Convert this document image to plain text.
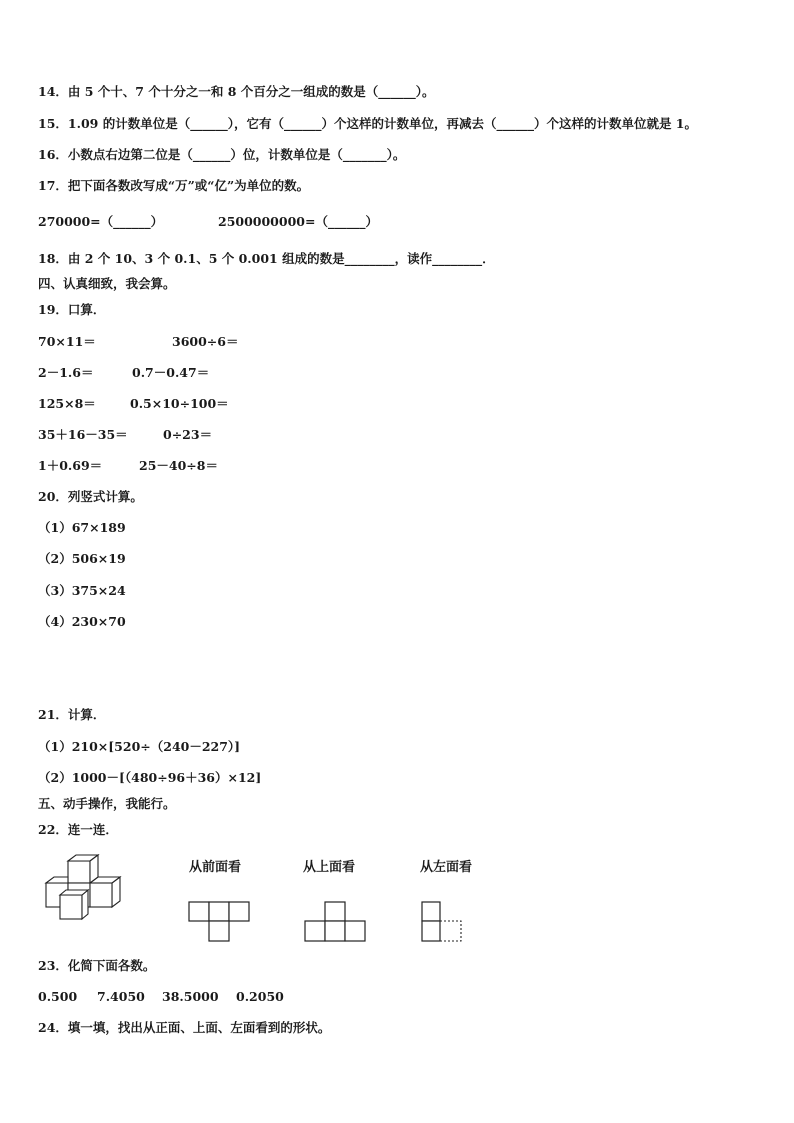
14．由 5 个十、7 个十分之一和 8 个百分之一组成的数是（______）。
15．1.09 的计数单位是（______），它有（______）个这样的计数单位，再减去（______）个这样的计数单位就是 1。
16．小数点右边第二位是（______）位，计数单位是（_______）。
17．把下面各数改写成“万”或“亿”为单位的数。
270000=（______）	2500000000=（______）
18．由 2 个 10、3 个 0.1、5 个 0.001 组成的数是________，读作________．
四、认真细致，我会算。
19．口算．
70×11＝	3600÷6＝
2－1.6＝	0.7－0.47＝
125×8＝	0.5×10÷100＝
35＋16－35＝	0÷23＝
1＋0.69＝	25－40÷8＝
20．列竖式计算。
（1）67×189
（2）506×19
（3）375×24
（4）230×70
21．计算．
（1）210×[520÷（240－227）]
（2）1000－[（480÷96＋36）×12]
五、动手操作，我能行。
22．连一连．
从前面看	从上面看	从左面看
23．化简下面各数。
0.500 7.4050 38.5000 0.2050
24．填一填，找出从正面、上面、左面看到的形状。
